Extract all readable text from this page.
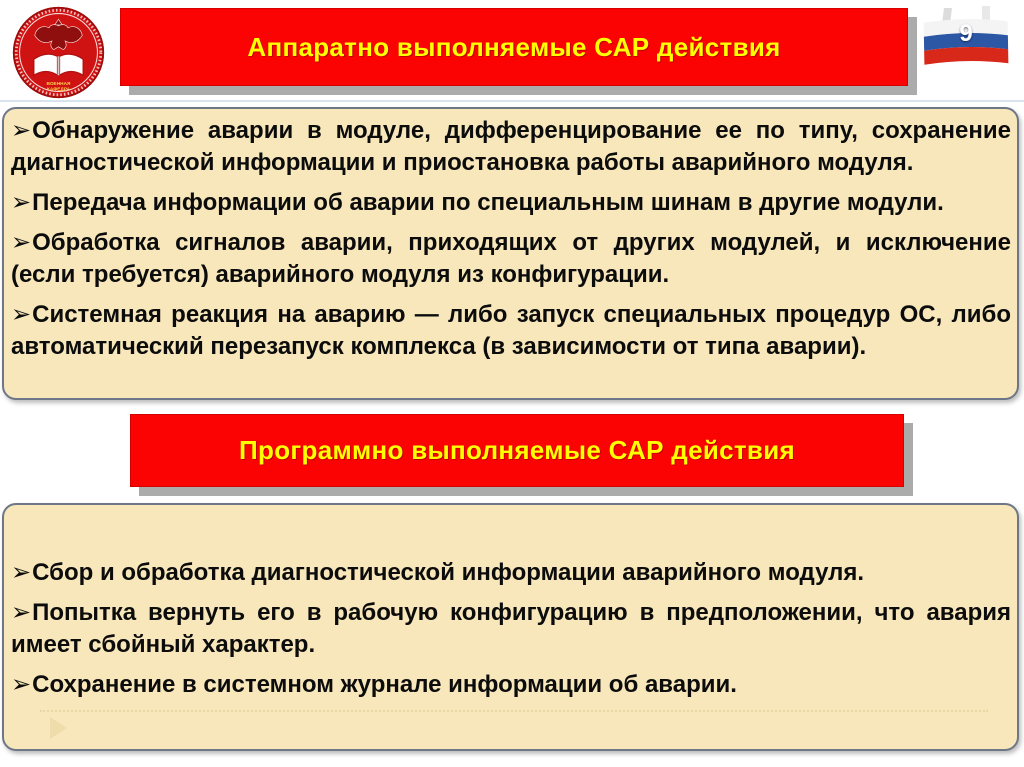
ВОЕННАЯ
КАФЕДРА
Аппаратно выполняемые САР действия	9

➢Обнаружение аварии в модуле, дифференцирование ее по типу, сохранение диагностической информации и приостановка работы аварийного модуля.

➢Передача информации об аварии по специальным шинам в другие модули.

➢Обработка сигналов аварии, приходящих от других модулей, и исключение (если требуется) аварийного модуля из конфигурации.

➢Системная реакция на аварию — либо запуск специальных процедур ОС, либо автоматический перезапуск комплекса (в зависимости от типа аварии).

Программно выполняемые САР действия

➢Сбор и обработка диагностической информации аварийного модуля.

➢Попытка вернуть его в рабочую конфигурацию в предположении, что авария имеет сбойный характер.

➢Сохранение в системном журнале информации об аварии.
